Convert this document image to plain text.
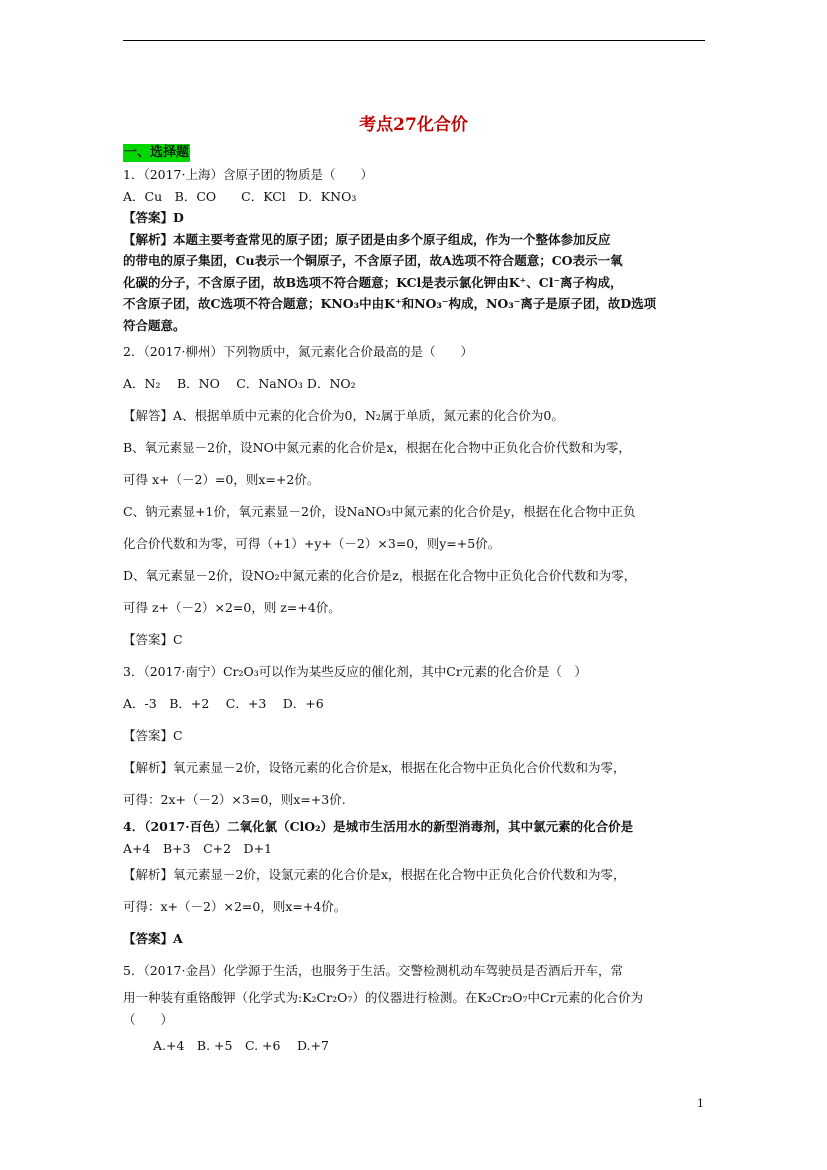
考点27化合价
一、选择题
1．（2017·上海）含原子团的物质是（　　）
A．Cu　B．CO　　C．KCl　D．KNO₃
【答案】D
【解析】本题主要考查常见的原子团；原子团是由多个原子组成，作为一个整体参加反应
的带电的原子集团，Cu表示一个铜原子，不含原子团，故A选项不符合题意；CO表示一氧
化碳的分子，不含原子团，故B选项不符合题意；KCl是表示氯化钾由K⁺、Cl⁻离子构成，
不含原子团，故C选项不符合题意；KNO₃中由K⁺和NO₃⁻构成，NO₃⁻离子是原子团，故D选项
符合题意。
2．（2017·柳州）下列物质中，氮元素化合价最高的是（　　）
A．N₂　 B．NO　 C．NaNO₃ D．NO₂
【解答】A、根据单质中元素的化合价为0，N₂属于单质，氮元素的化合价为0。
B、氧元素显－2价，设NO中氮元素的化合价是x，根据在化合物中正负化合价代数和为零，
可得 x+（－2）=0，则x=+2价。
C、钠元素显+1价，氧元素显－2价，设NaNO₃中氮元素的化合价是y，根据在化合物中正负
化合价代数和为零，可得（+1）+y+（－2）×3=0，则y=+5价。
D、氧元素显－2价，设NO₂中氮元素的化合价是z，根据在化合物中正负化合价代数和为零，
可得 z+（－2）×2=0，则 z=+4价。
【答案】C
3．（2017·南宁）Cr₂O₃可以作为某些反应的催化剂，其中Cr元素的化合价是（　）
A．-3　B．+2　 C．+3　 D．+6
【答案】C
【解析】氧元素显－2价，设铬元素的化合价是x，根据在化合物中正负化合价代数和为零，
可得：2x+（－2）×3=0，则x=+3价.
4．（2017·百色）二氧化氯（ClO₂）是城市生活用水的新型消毒剂，其中氯元素的化合价是
A+4　B+3　C+2　D+1
【解析】氧元素显－2价，设氯元素的化合价是x，根据在化合物中正负化合价代数和为零，
可得：x+（－2）×2=0，则x=+4价。
【答案】A
5．（2017·金昌）化学源于生活，也服务于生活。交警检测机动车驾驶员是否酒后开车，常
用一种装有重铬酸钾（化学式为:K₂Cr₂O₇）的仪器进行检测。在K₂Cr₂O₇中Cr元素的化合价为
（　　）
A.+4　B. +5　C. +6　 D.+7
1
